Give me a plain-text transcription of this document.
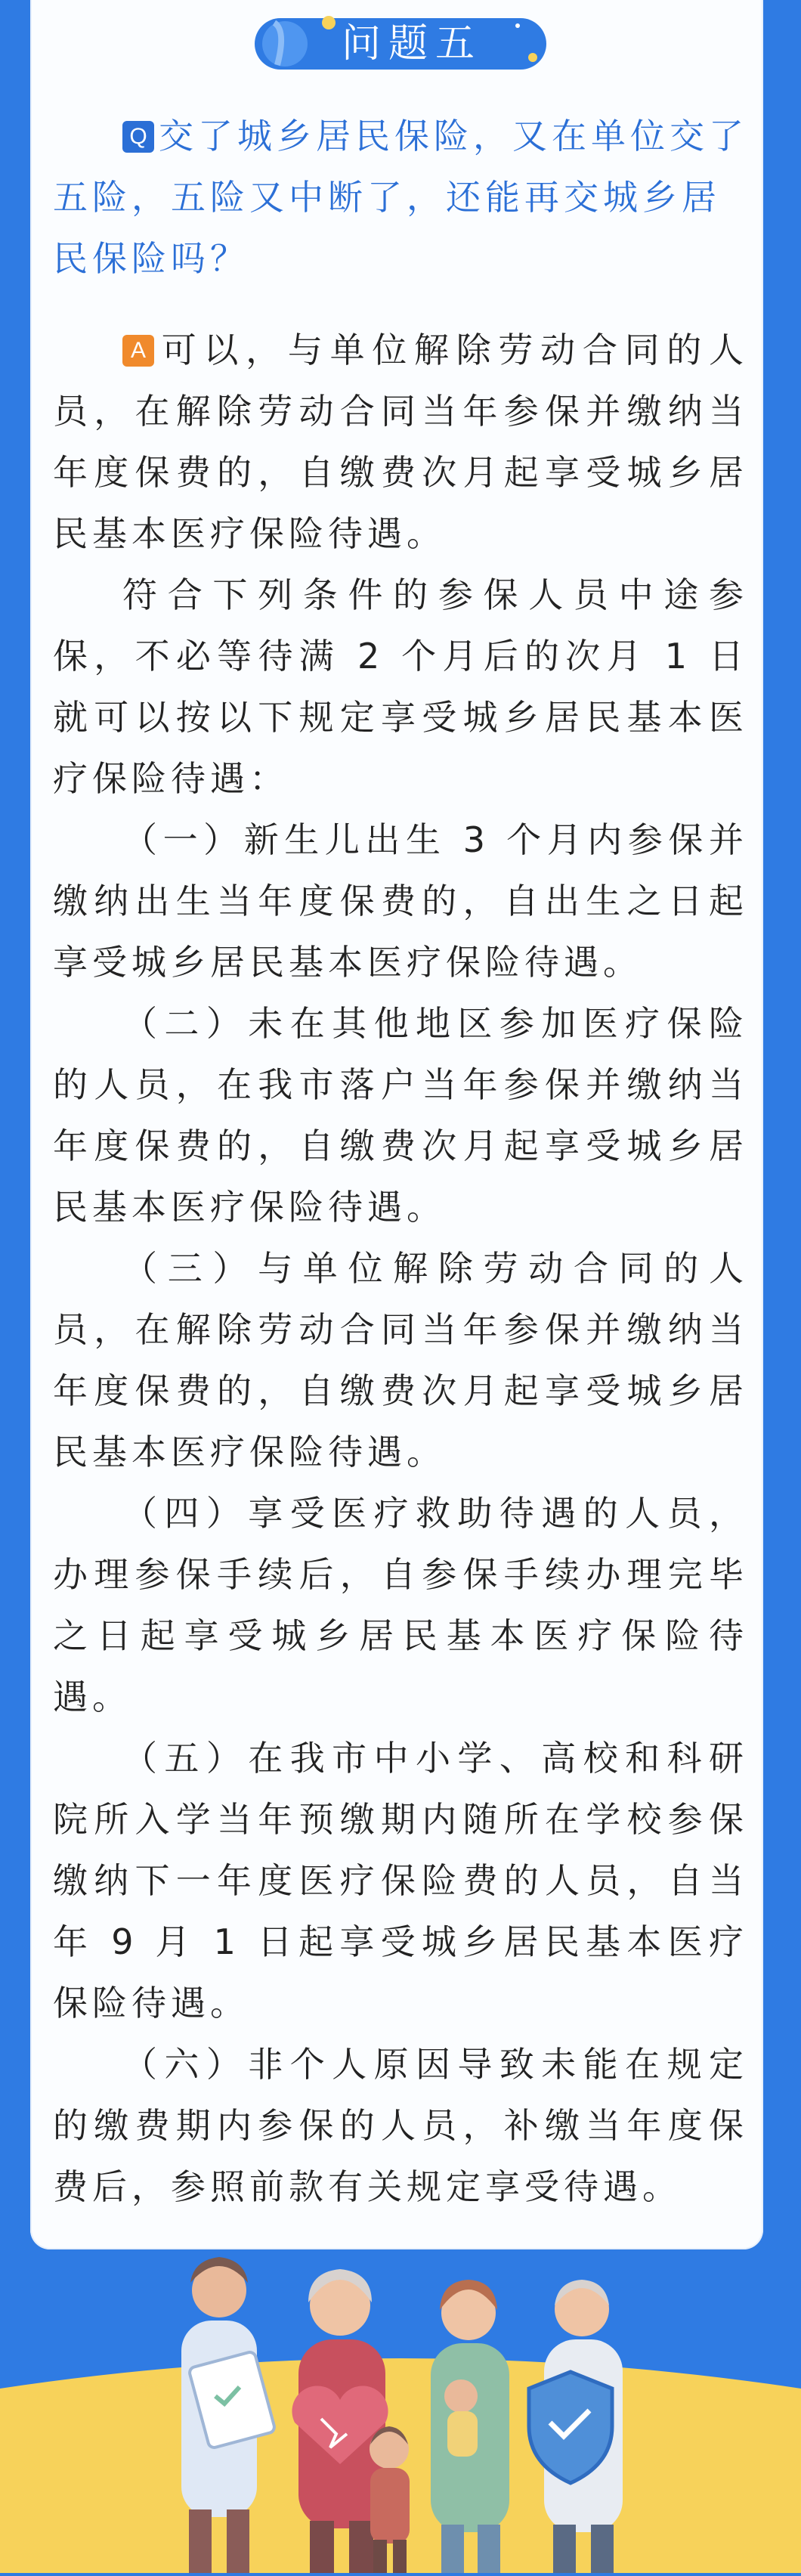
问题五

Q 交了城乡居民保险，又在单位交了五险，五险又中断了，还能再交城乡居民保险吗？

A 可以，与单位解除劳动合同的人员，在解除劳动合同当年参保并缴纳当年度保费的，自缴费次月起享受城乡居民基本医疗保险待遇。

符合下列条件的参保人员中途参保，不必等待满 2 个月后的次月 1 日就可以按以下规定享受城乡居民基本医疗保险待遇：

（一）新生儿出生 3 个月内参保并缴纳出生当年度保费的，自出生之日起享受城乡居民基本医疗保险待遇。

（二）未在其他地区参加医疗保险的人员，在我市落户当年参保并缴纳当年度保费的，自缴费次月起享受城乡居民基本医疗保险待遇。

（三）与单位解除劳动合同的人员，在解除劳动合同当年参保并缴纳当年度保费的，自缴费次月起享受城乡居民基本医疗保险待遇。

（四）享受医疗救助待遇的人员，办理参保手续后，自参保手续办理完毕之日起享受城乡居民基本医疗保险待遇。

（五）在我市中小学、高校和科研院所入学当年预缴期内随所在学校参保缴纳下一年度医疗保险费的人员，自当年 9 月 1 日起享受城乡居民基本医疗保险待遇。

（六）非个人原因导致未能在规定的缴费期内参保的人员，补缴当年度保费后，参照前款有关规定享受待遇。
